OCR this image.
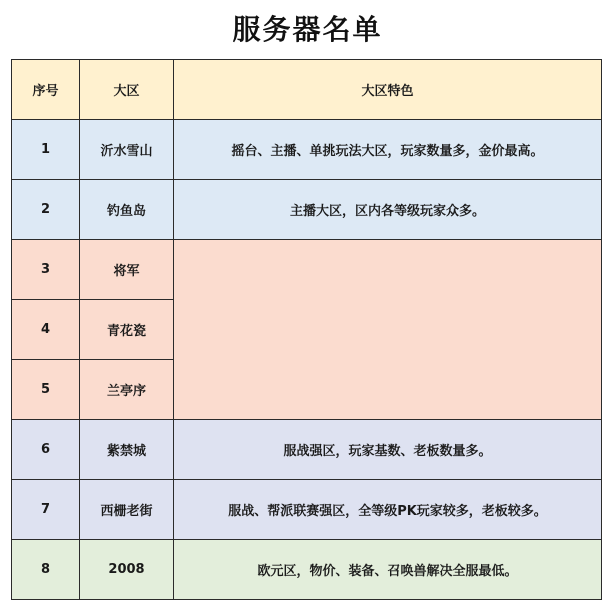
服务器名单
序号	大区	大区特色
1	沂水雪山	摇台、主播、单挑玩法大区，玩家数量多，金价最高。
2	钓鱼岛	主播大区，区内各等级玩家众多。
3	将军	
4	青花瓷	
5	兰亭序	
6	紫禁城	服战强区，玩家基数、老板数量多。
7	西栅老街	服战、帮派联赛强区，全等级PK玩家较多，老板较多。
8	2008	欧元区，物价、装备、召唤兽解决全服最低。
